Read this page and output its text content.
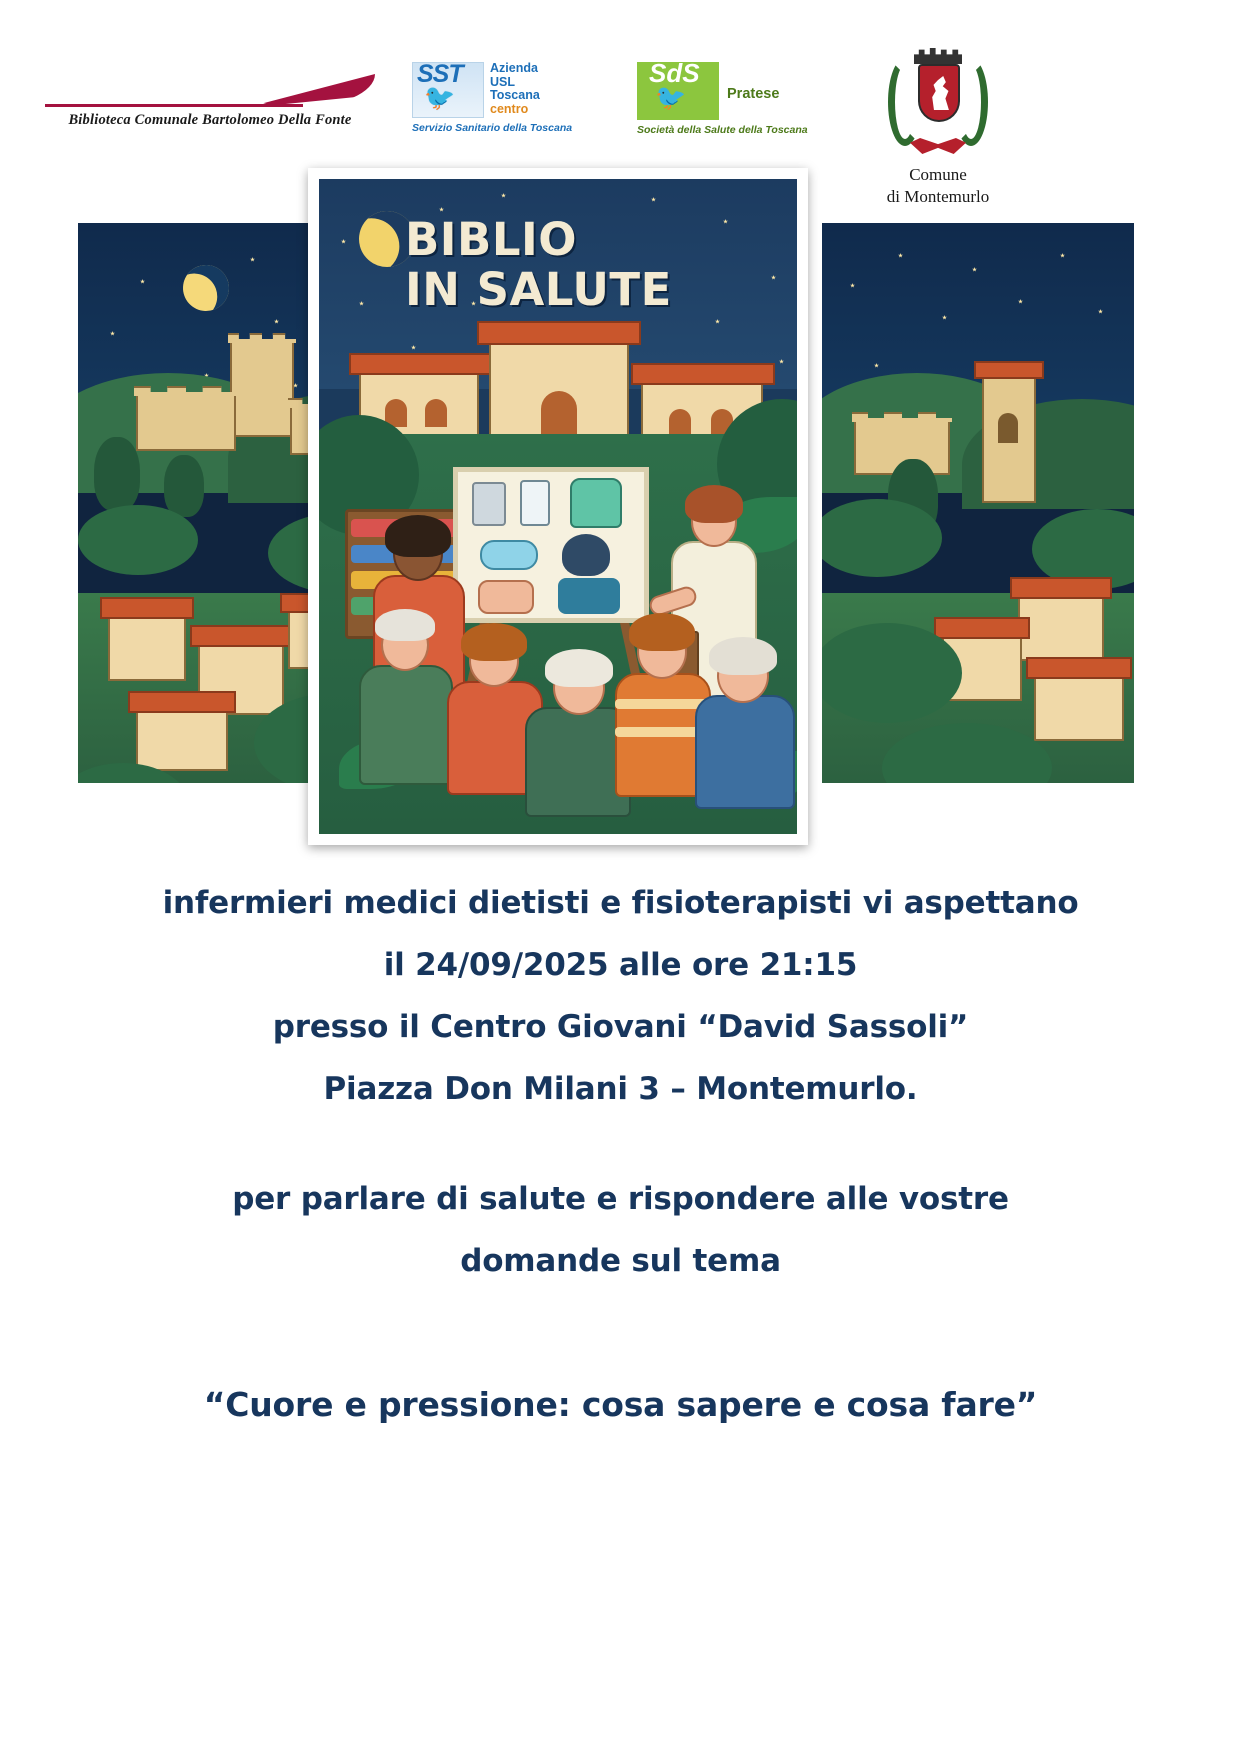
Biblioteca Comunale Bartolomeo Della Fonte
SST
🐦
Azienda
USL
Toscana
centro
Servizio Sanitario della Toscana
SdS
🐦	Pratese
Società della Salute della Toscana
Comune
di Montemurlo
BIBLIO
IN SALUTE
infermieri medici dietisti e fisioterapisti vi aspettano
il 24/09/2025 alle ore 21:15
presso il Centro Giovani “David Sassoli”
Piazza Don Milani 3 – Montemurlo.
per parlare di salute e rispondere alle vostre
domande sul tema
“Cuore e pressione: cosa sapere e cosa fare”
